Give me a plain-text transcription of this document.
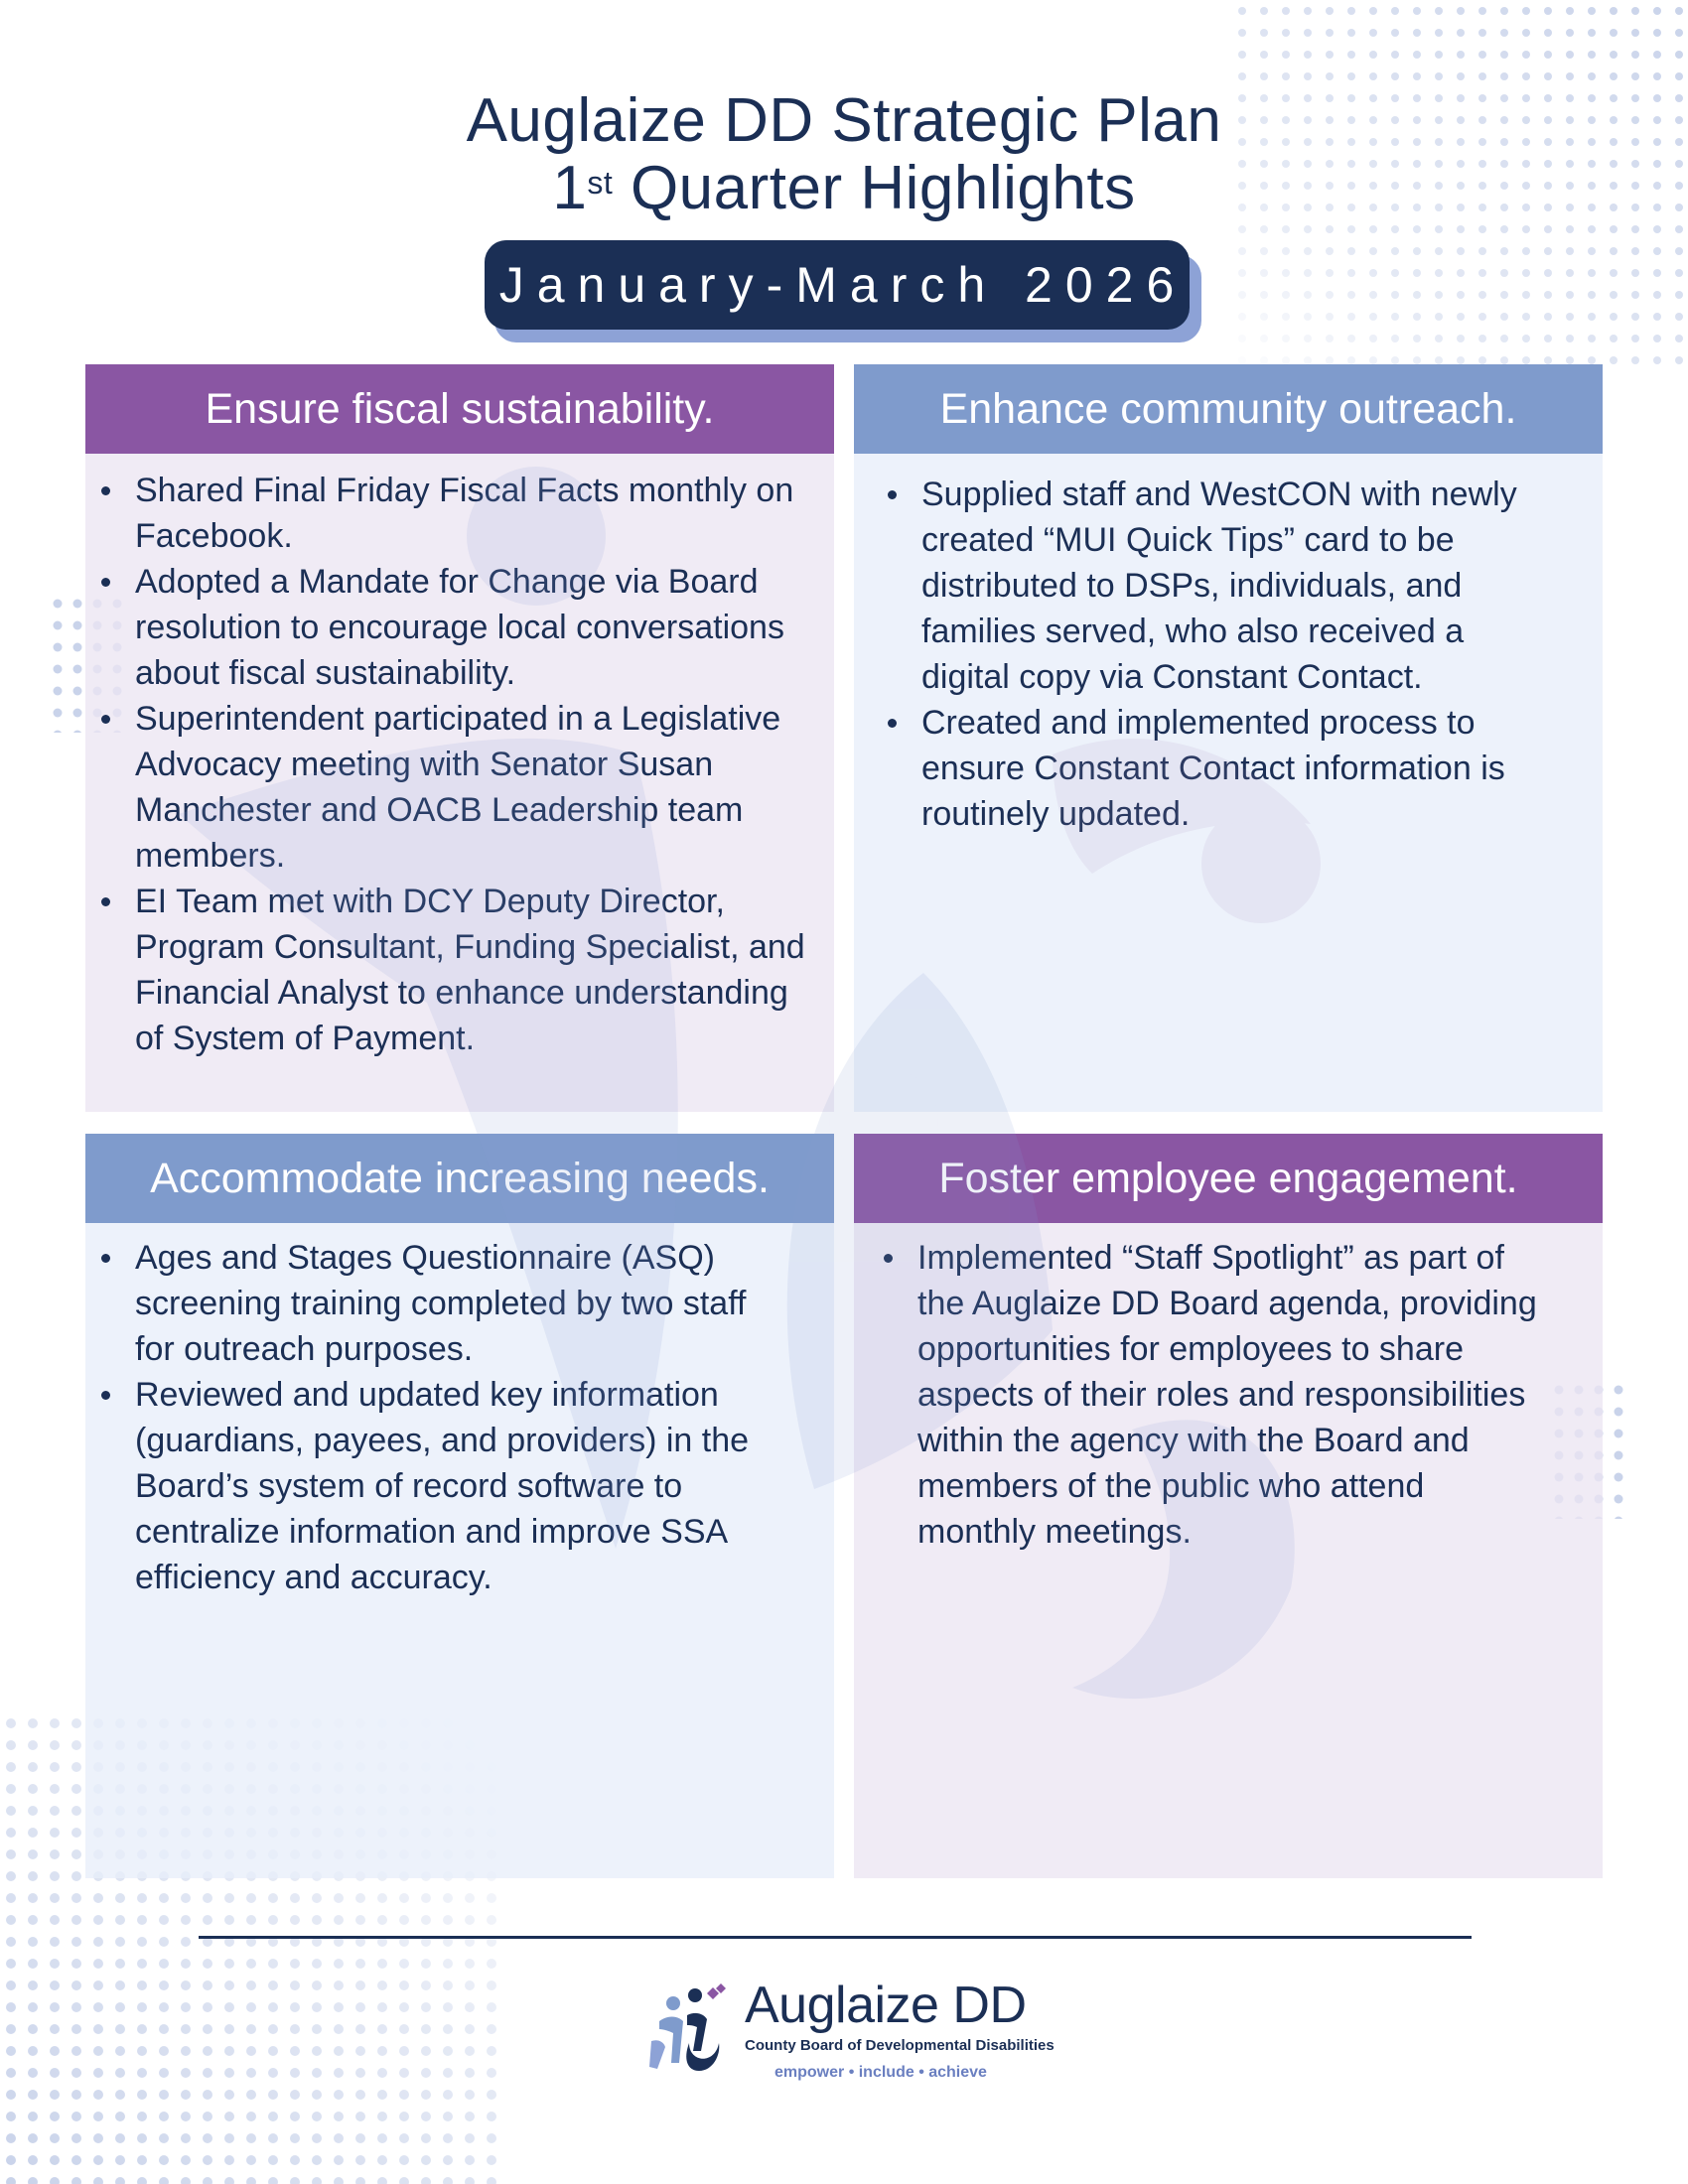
Auglaize DD Strategic Plan
1st Quarter Highlights
January-March 2026
Ensure fiscal sustainability.
Shared Final Friday Fiscal Facts monthly on Facebook.
Adopted a Mandate for Change via Board resolution to encourage local conversations about fiscal sustainability.
Superintendent participated in a Legislative Advocacy meeting with Senator Susan Manchester and OACB Leadership team members.
EI Team met with DCY Deputy Director, Program Consultant, Funding Specialist, and Financial Analyst to enhance understanding of System of Payment.
Enhance community outreach.
Supplied staff and WestCON with newly created “MUI Quick Tips” card to be distributed to DSPs, individuals, and families served, who also received a digital copy via Constant Contact.
Created and implemented process to ensure Constant Contact information is routinely updated.
Accommodate increasing needs.
Ages and Stages Questionnaire (ASQ) screening training completed by two staff for outreach purposes.
Reviewed and updated key information (guardians, payees, and providers) in the Board’s system of record software to centralize information and improve SSA efficiency and accuracy.
Foster employee engagement.
Implemented “Staff Spotlight” as part of the Auglaize DD Board agenda, providing opportunities for employees to share aspects of their roles and responsibilities within the agency with the Board and members of the public who attend monthly meetings.
Auglaize DD
County Board of Developmental Disabilities
empower • include • achieve
